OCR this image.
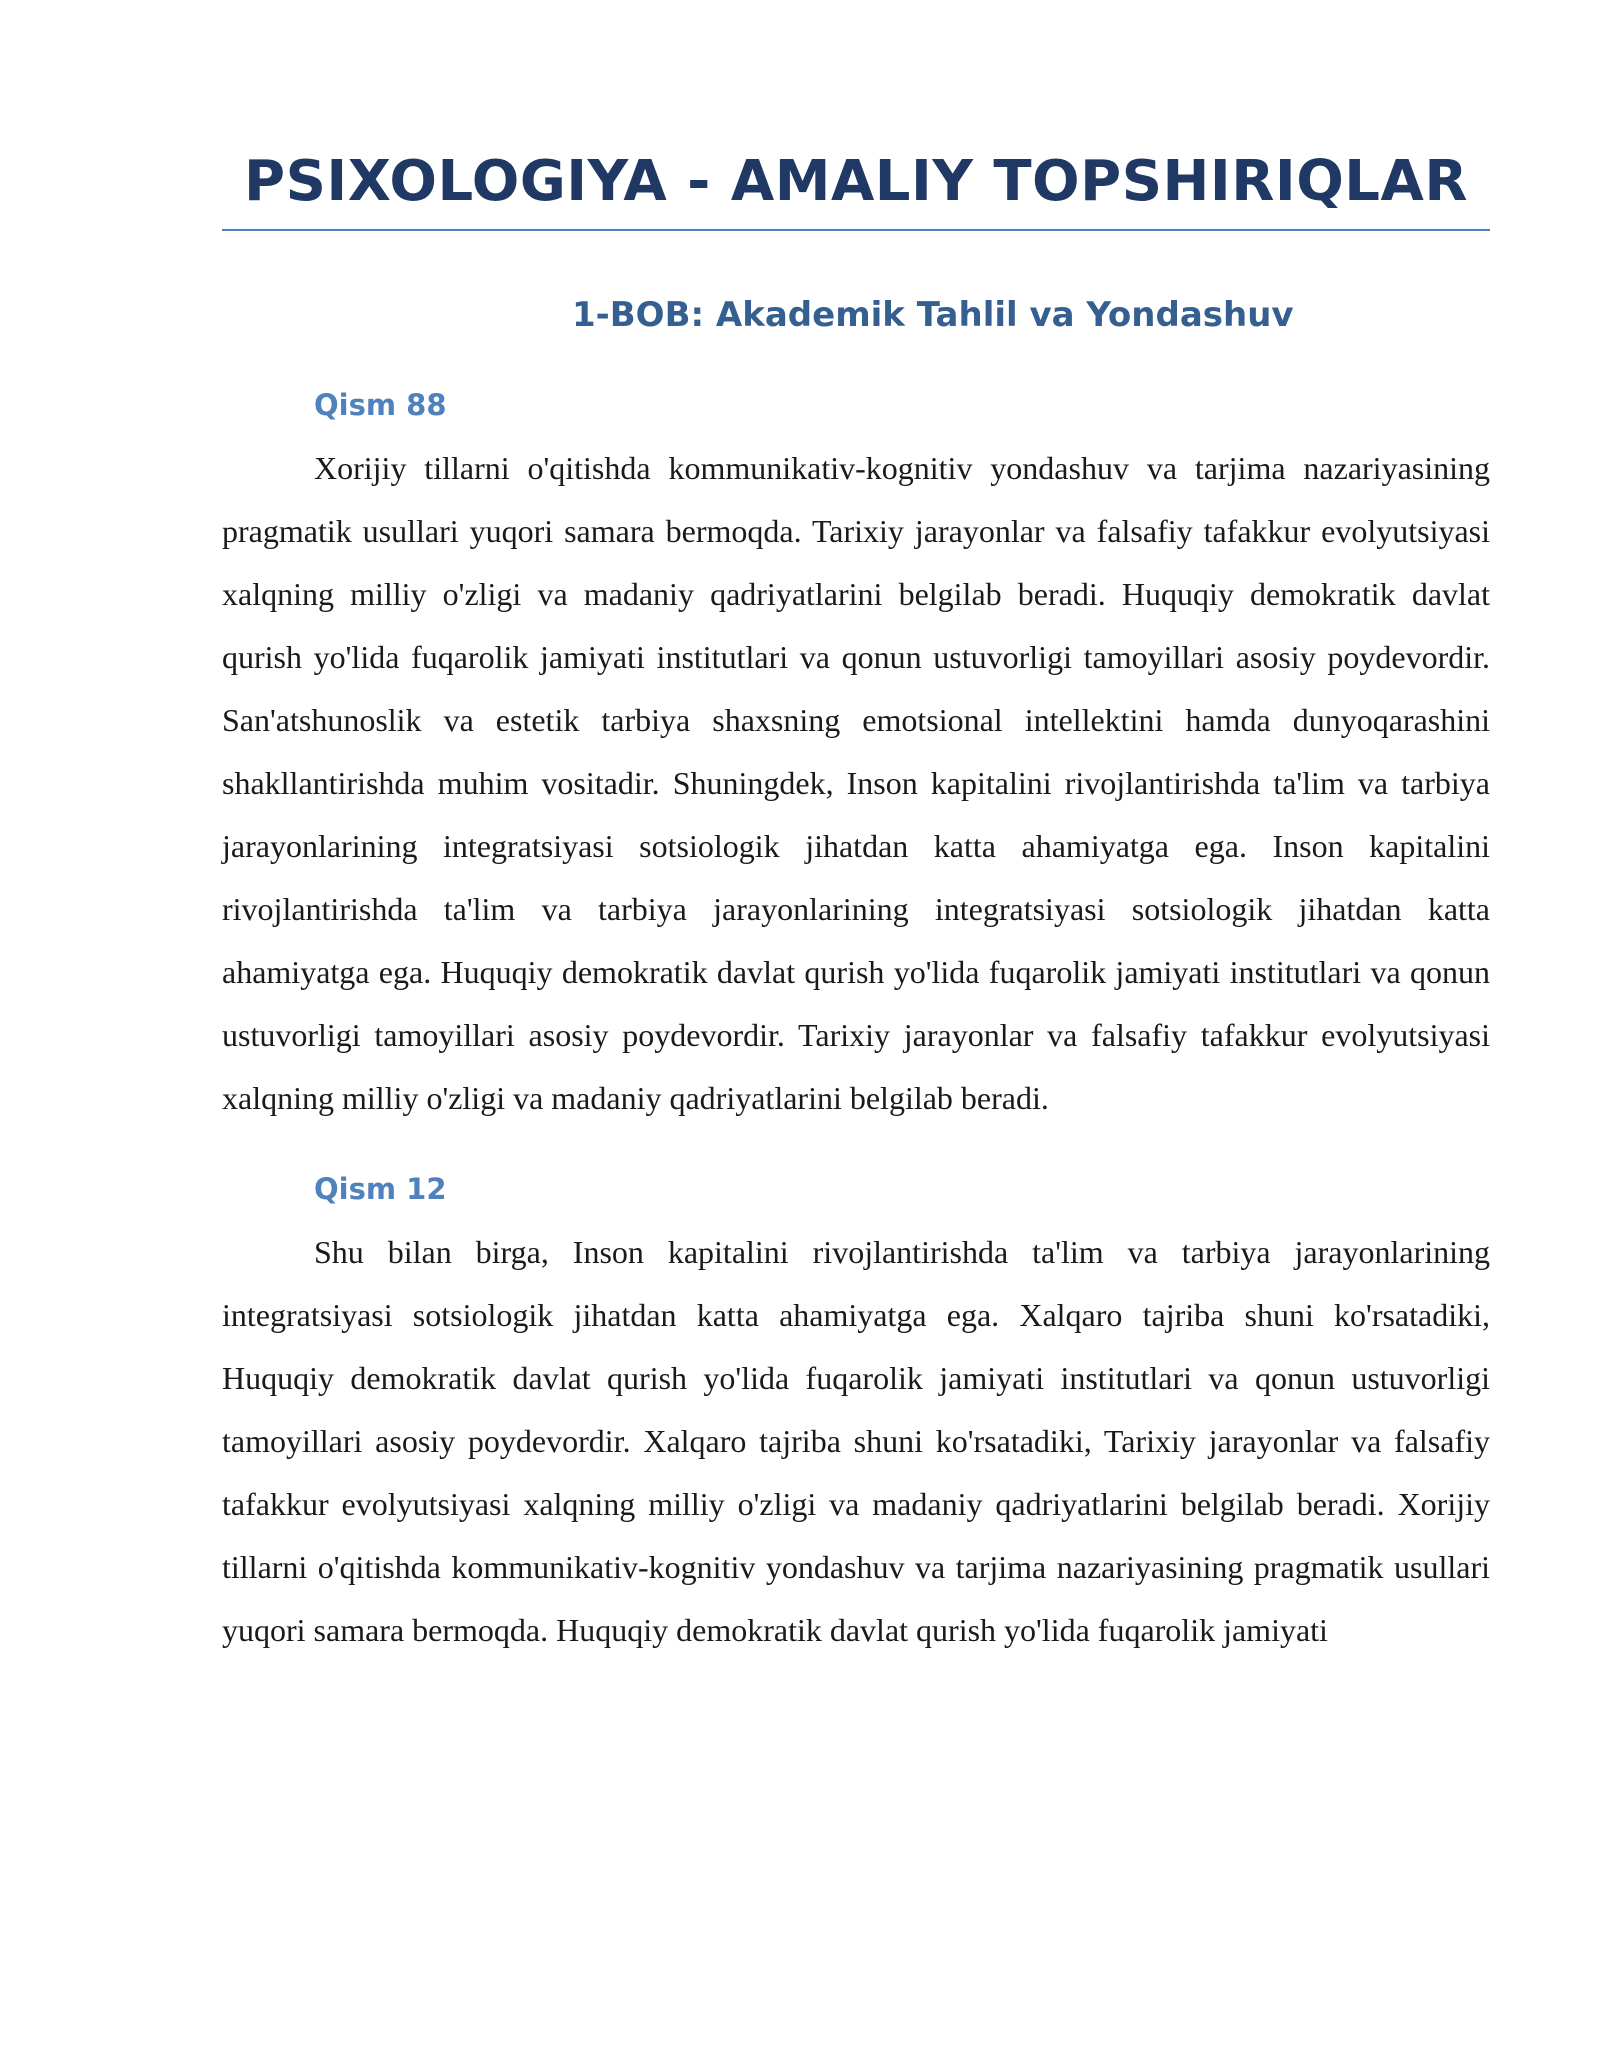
PSIXOLOGIYA - AMALIY TOPSHIRIQLAR
1-BOB: Akademik Tahlil va Yondashuv
Qism 88

Xorijiy tillarni o'qitishda kommunikativ-kognitiv yondashuv va tarjima nazariyasining pragmatik usullari yuqori samara bermoqda. Tarixiy jarayonlar va falsafiy tafakkur evolyutsiyasi xalqning milliy o'zligi va madaniy qadriyatlarini belgilab beradi. Huquqiy demokratik davlat qurish yo'lida fuqarolik jamiyati institutlari va qonun ustuvorligi tamoyillari asosiy poydevordir. San'atshunoslik va estetik tarbiya shaxsning emotsional intellektini hamda dunyoqarashini shakllantirishda muhim vositadir. Shuningdek, Inson kapitalini rivojlantirishda ta'lim va tarbiya jarayonlarining integratsiyasi sotsiologik jihatdan katta ahamiyatga ega. Inson kapitalini rivojlantirishda ta'lim va tarbiya jarayonlarining integratsiyasi sotsiologik jihatdan katta ahamiyatga ega. Huquqiy demokratik davlat qurish yo'lida fuqarolik jamiyati institutlari va qonun ustuvorligi tamoyillari asosiy poydevordir. Tarixiy jarayonlar va falsafiy tafakkur evolyutsiyasi xalqning milliy o'zligi va madaniy qadriyatlarini belgilab beradi.

Qism 12

Shu bilan birga, Inson kapitalini rivojlantirishda ta'lim va tarbiya jarayonlarining integratsiyasi sotsiologik jihatdan katta ahamiyatga ega. Xalqaro tajriba shuni ko'rsatadiki, Huquqiy demokratik davlat qurish yo'lida fuqarolik jamiyati institutlari va qonun ustuvorligi tamoyillari asosiy poydevordir. Xalqaro tajriba shuni ko'rsatadiki, Tarixiy jarayonlar va falsafiy tafakkur evolyutsiyasi xalqning milliy o'zligi va madaniy qadriyatlarini belgilab beradi. Xorijiy tillarni o'qitishda kommunikativ-kognitiv yondashuv va tarjima nazariyasining pragmatik usullari yuqori samara bermoqda. Huquqiy demokratik davlat qurish yo'lida fuqarolik jamiyati
